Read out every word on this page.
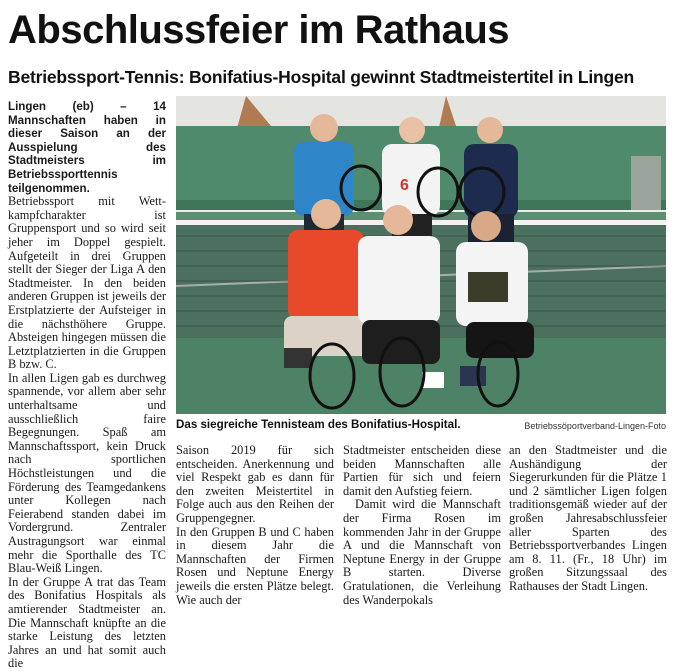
Abschlussfeier im Rathaus
Betriebssport-Tennis: Bonifatius-Hospital gewinnt Stadtmeistertitel in Lingen

Lingen (eb) – 14 Mannschaften haben in dieser Saison an der Ausspielung des Stadtmeisters im Betriebssporttennis teilgenommen.

Betriebssport mit Wett-kampfcharakter ist Gruppensport und so wird seit jeher im Doppel gespielt. Aufgeteilt in drei Gruppen stellt der Sieger der Liga A den Stadtmeister. In den beiden anderen Gruppen ist jeweils der Erstplatzierte der Aufsteiger in die nächsthöhere Gruppe. Absteigen hingegen müssen die Letztplatzierten in die Gruppen B bzw. C.

In allen Ligen gab es durchweg spannende, vor allem aber sehr unterhaltsame und ausschließlich faire Begegnungen. Spaß am Mannschaftssport, kein Druck nach sportlichen Höchstleistungen und die Förderung des Teamgedankens unter Kollegen nach Feierabend standen dabei im Vordergrund. Zentraler Austragungsort war einmal mehr die Sporthalle des TC Blau-Weiß Lingen.

In der Gruppe A trat das Team des Bonifatius Hospitals als amtierender Stadtmeister an. Die Mannschaft knüpfte an die starke Leistung des letzten Jahres an und hat somit auch die

6
Das siegreiche Tennisteam des Bonifatius-Hospital.	Betriebssöportverband-Lingen-Foto

Saison 2019 für sich entscheiden. Anerkennung und viel Respekt gab es dann für den zweiten Meistertitel in Folge auch aus den Reihen der Gruppengegner.

In den Gruppen B und C haben in diesem Jahr die Mannschaften der Firmen Rosen und Neptune Energy jeweils die ersten Plätze belegt. Wie auch der

Stadtmeister entscheiden diese beiden Mannschaften alle Partien für sich und feiern damit den Aufstieg feiern.

Damit wird die Mannschaft der Firma Rosen im kommenden Jahr in der Gruppe A und die Mannschaft von Neptune Energy in der Gruppe B starten. Diverse Gratulationen, die Verleihung des Wanderpokals

an den Stadtmeister und die Aushändigung der Siegerurkunden für die Plätze 1 und 2 sämtlicher Ligen folgen traditionsgemäß wieder auf der großen Jahresabschlussfeier aller Sparten des Betriebssportverbandes Lingen am 8. 11. (Fr., 18 Uhr) im großen Sitzungssaal des Rathauses der Stadt Lingen.
